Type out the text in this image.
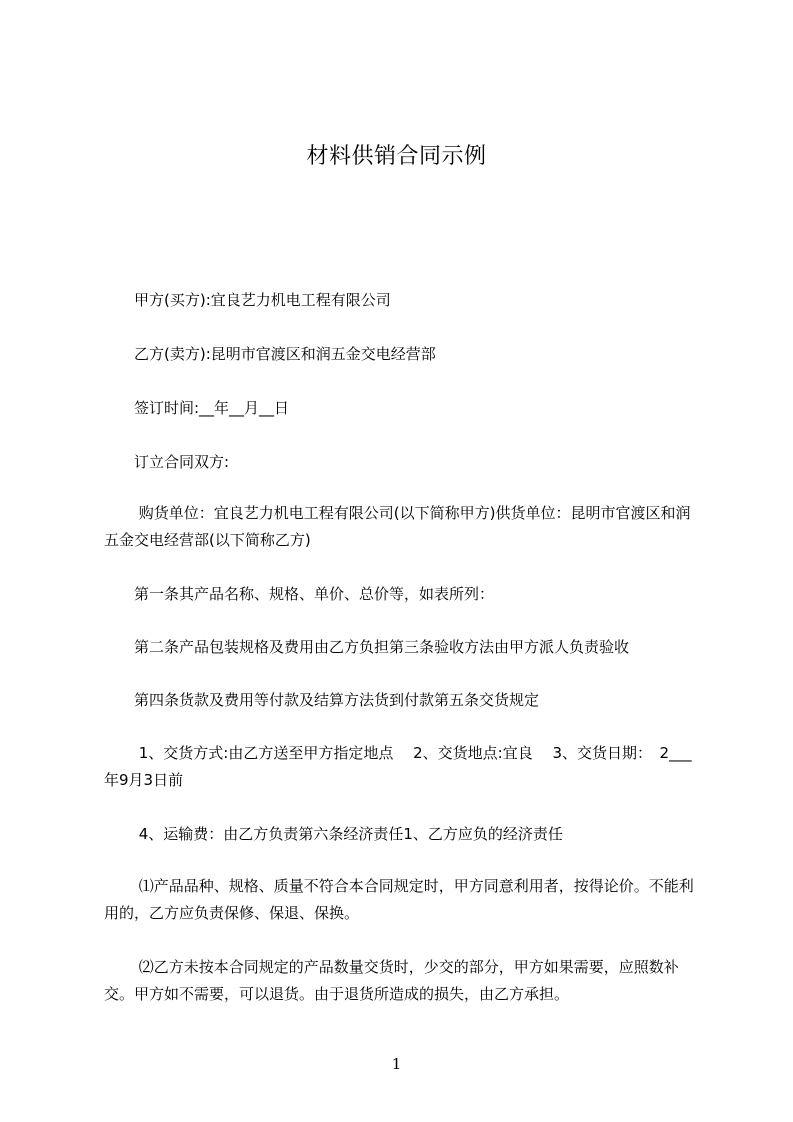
材料供销合同示例
　　甲方(买方):宜良艺力机电工程有限公司
　　乙方(卖方):昆明市官渡区和润五金交电经营部
　　签订时间:__年__月__日
　　订立合同双方:
　　 购货单位：宜良艺力机电工程有限公司(以下简称甲方)供货单位：昆明市官渡区和润五金交电经营部(以下简称乙方)
　　第一条其产品名称、规格、单价、总价等，如表所列：
　　第二条产品包装规格及费用由乙方负担第三条验收方法由甲方派人负责验收
　　第四条货款及费用等付款及结算方法货到付款第五条交货规定
　　 1、交货方式:由乙方送至甲方指定地点　 2、交货地点:宜良　 3、交货日期：　2___年9月3日前
　　 4、运输费：由乙方负责第六条经济责任1、乙方应负的经济责任
　　 ⑴产品品种、规格、质量不符合本合同规定时，甲方同意利用者，按得论价。不能利用的，乙方应负责保修、保退、保换。
　　 ⑵乙方未按本合同规定的产品数量交货时，少交的部分，甲方如果需要，应照数补交。甲方如不需要，可以退货。由于退货所造成的损失，由乙方承担。
1
